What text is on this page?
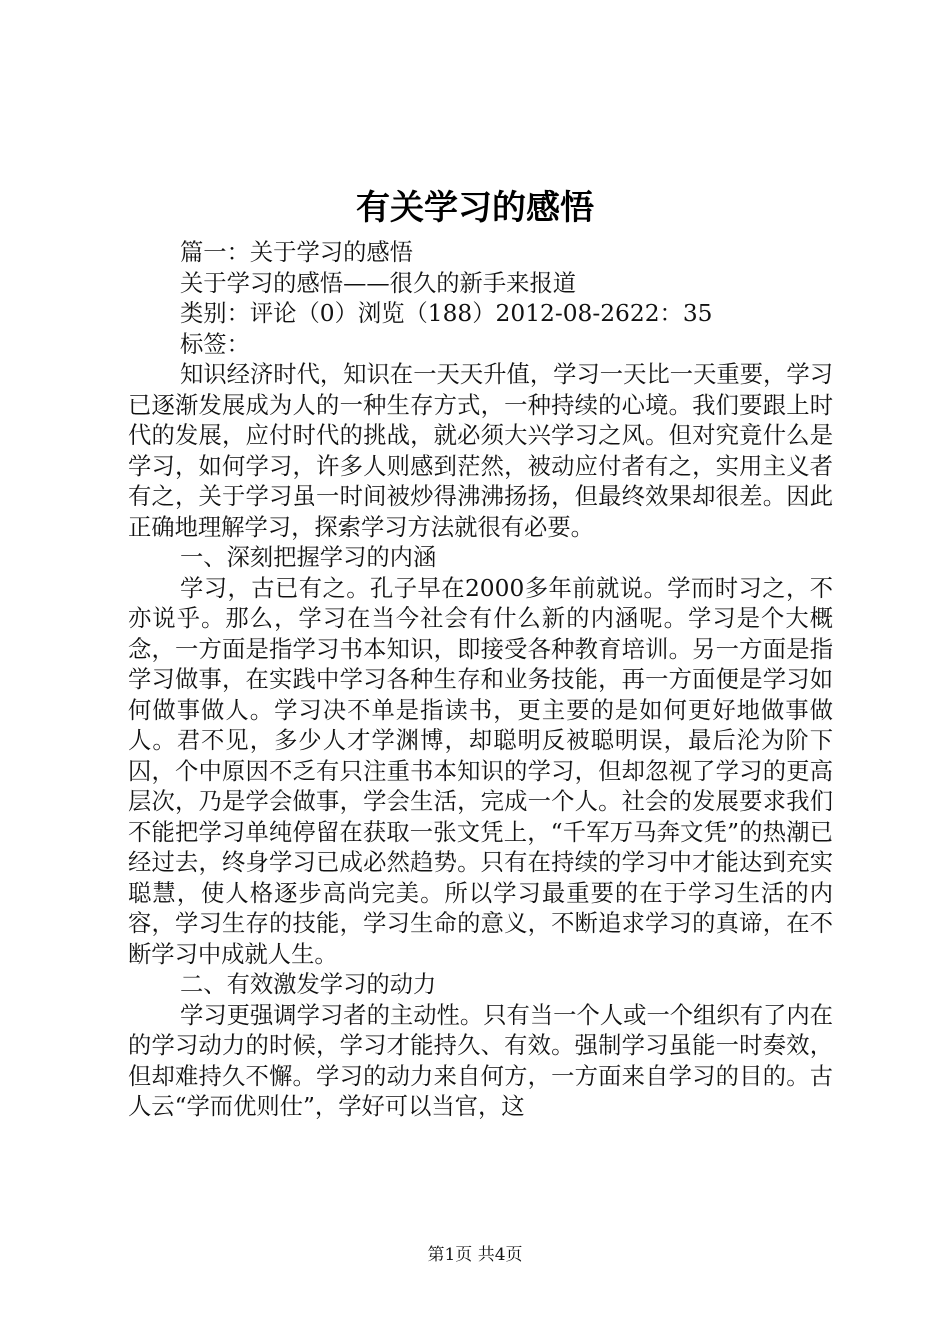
有关学习的感悟
篇一：关于学习的感悟
关于学习的感悟——很久的新手来报道
类别：评论（0）浏览（188）2012-08-2622：35
标签：
知识经济时代，知识在一天天升值，学习一天比一天重要，学习已逐渐发展成为人的一种生存方式，一种持续的心境。我们要跟上时代的发展，应付时代的挑战，就必须大兴学习之风。但对究竟什么是学习，如何学习，许多人则感到茫然，被动应付者有之，实用主义者有之，关于学习虽一时间被炒得沸沸扬扬，但最终效果却很差。因此正确地理解学习，探索学习方法就很有必要。
一、深刻把握学习的内涵
学习，古已有之。孔子早在2000多年前就说。学而时习之，不亦说乎。那么，学习在当今社会有什么新的内涵呢。学习是个大概念，一方面是指学习书本知识，即接受各种教育培训。另一方面是指学习做事，在实践中学习各种生存和业务技能，再一方面便是学习如何做事做人。学习决不单是指读书，更主要的是如何更好地做事做人。君不见，多少人才学渊博，却聪明反被聪明误，最后沦为阶下囚，个中原因不乏有只注重书本知识的学习，但却忽视了学习的更高层次，乃是学会做事，学会生活，完成一个人。社会的发展要求我们不能把学习单纯停留在获取一张文凭上，“千军万马奔文凭”的热潮已经过去，终身学习已成必然趋势。只有在持续的学习中才能达到充实聪慧，使人格逐步高尚完美。所以学习最重要的在于学习生活的内容，学习生存的技能，学习生命的意义，不断追求学习的真谛，在不断学习中成就人生。
二、有效激发学习的动力
学习更强调学习者的主动性。只有当一个人或一个组织有了内在的学习动力的时候，学习才能持久、有效。强制学习虽能一时奏效，但却难持久不懈。学习的动力来自何方，一方面来自学习的目的。古人云“学而优则仕”，学好可以当官，这
第1页 共4页
